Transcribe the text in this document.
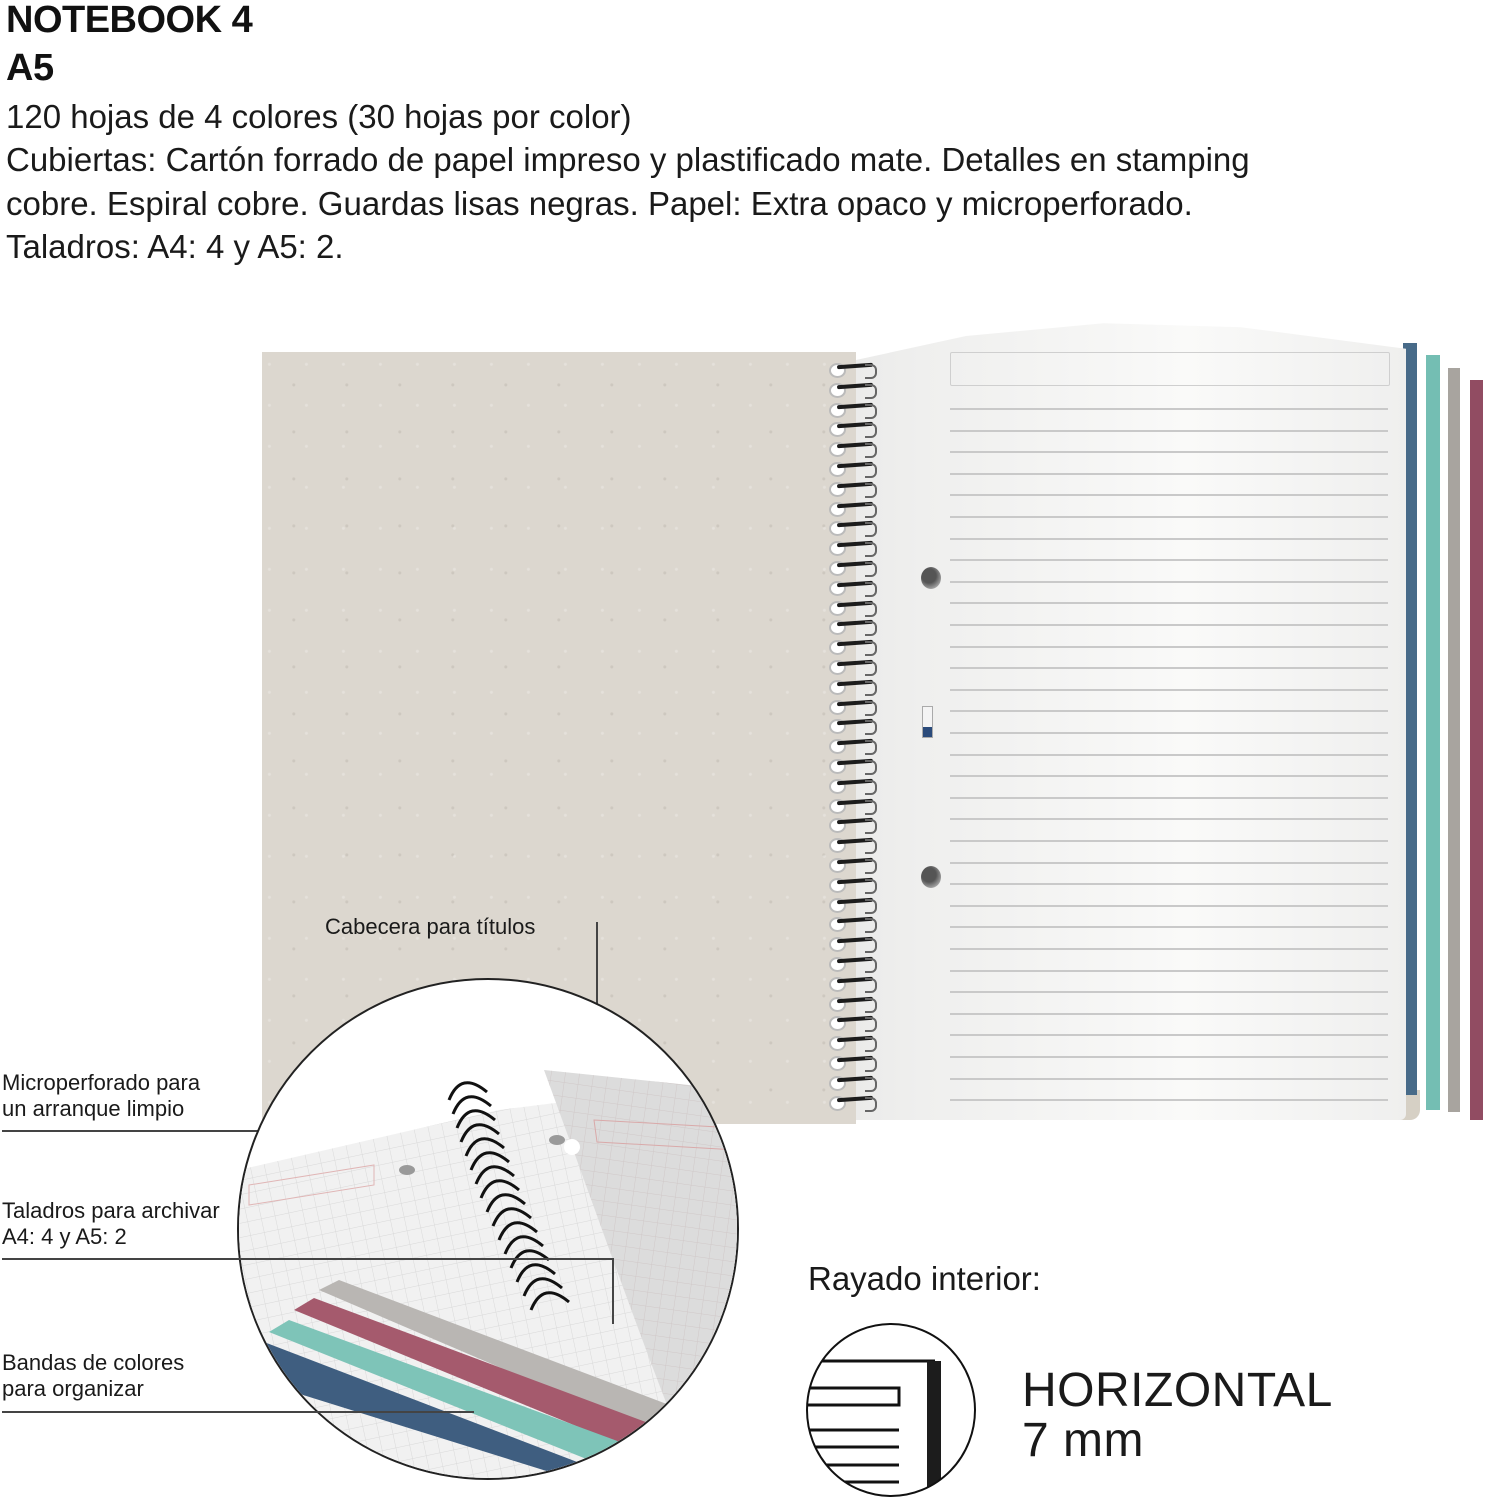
NOTEBOOK 4
A5
120 hojas de 4 colores (30 hojas por color)
Cubiertas: Cartón forrado de papel impreso y plastificado mate. Detalles en stamping cobre. Espiral cobre. Guardas lisas negras. Papel: Extra opaco y microperforado. Taladros: A4: 4 y A5: 2.
Cabecera para títulos
Microperforado para
un arranque limpio
Taladros para archivar
A4: 4 y A5: 2
Bandas de colores
para organizar
Rayado interior:
HORIZONTAL
7 mm
